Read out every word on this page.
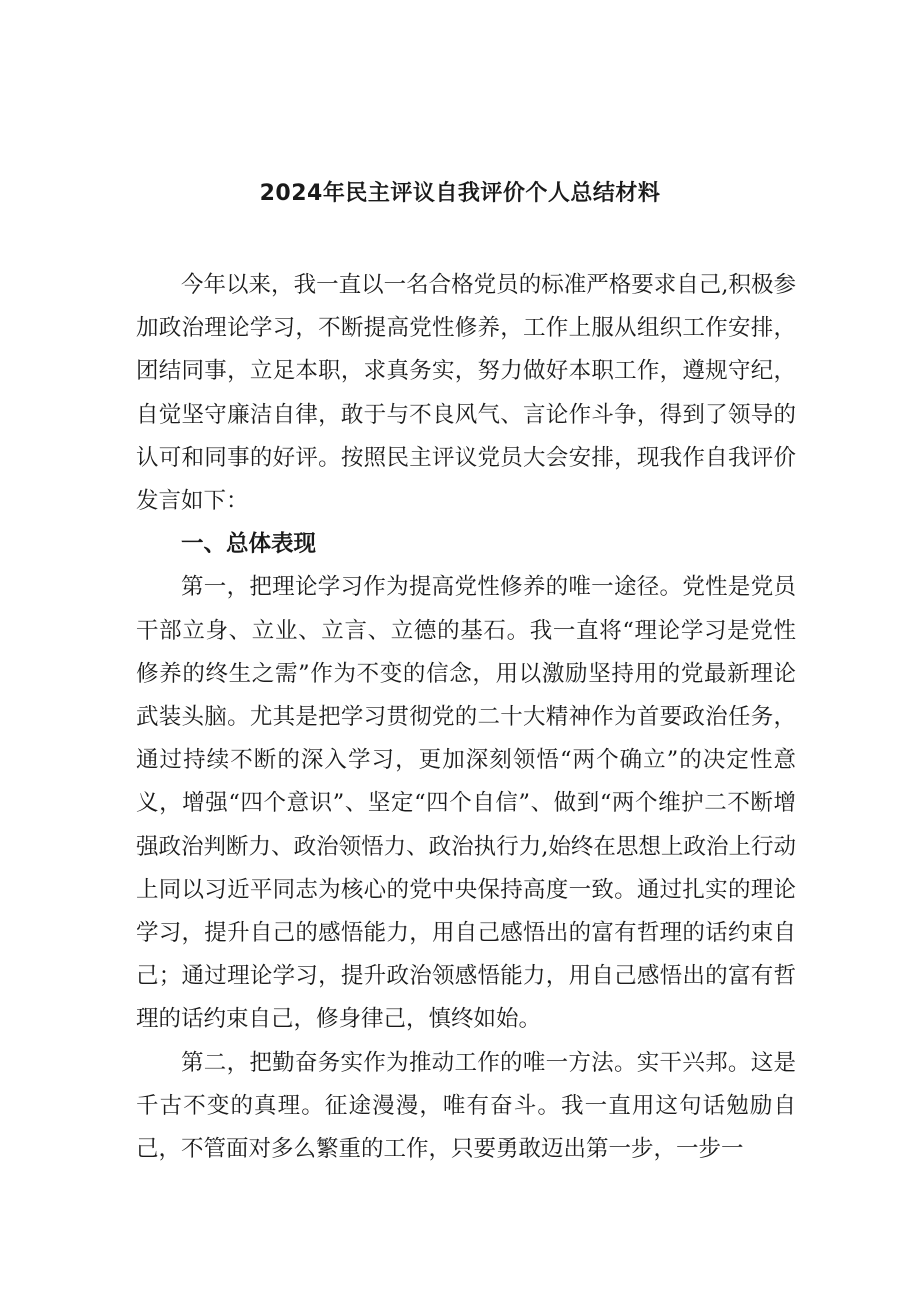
2024年民主评议自我评价个人总结材料

今年以来，我一直以一名合格党员的标准严格要求自己,积极参加政治理论学习，不断提高党性修养，工作上服从组织工作安排，团结同事，立足本职，求真务实，努力做好本职工作，遵规守纪，自觉坚守廉洁自律，敢于与不良风气、言论作斗争，得到了领导的认可和同事的好评。按照民主评议党员大会安排，现我作自我评价发言如下：

一、总体表现

第一，把理论学习作为提高党性修养的唯一途径。党性是党员干部立身、立业、立言、立德的基石。我一直将“理论学习是党性修养的终生之需”作为不变的信念，用以激励坚持用的党最新理论武装头脑。尤其是把学习贯彻党的二十大精神作为首要政治任务，通过持续不断的深入学习，更加深刻领悟“两个确立”的决定性意义，增强“四个意识”、坚定“四个自信”、做到“两个维护二不断增强政治判断力、政治领悟力、政治执行力,始终在思想上政治上行动上同以习近平同志为核心的党中央保持高度一致。通过扎实的理论学习，提升自己的感悟能力，用自己感悟出的富有哲理的话约束自己；通过理论学习，提升政治领感悟能力，用自己感悟出的富有哲理的话约束自己，修身律己，慎终如始。

第二，把勤奋务实作为推动工作的唯一方法。实干兴邦。这是千古不变的真理。征途漫漫，唯有奋斗。我一直用这句话勉励自己，不管面对多么繁重的工作，只要勇敢迈出第一步，一步一
